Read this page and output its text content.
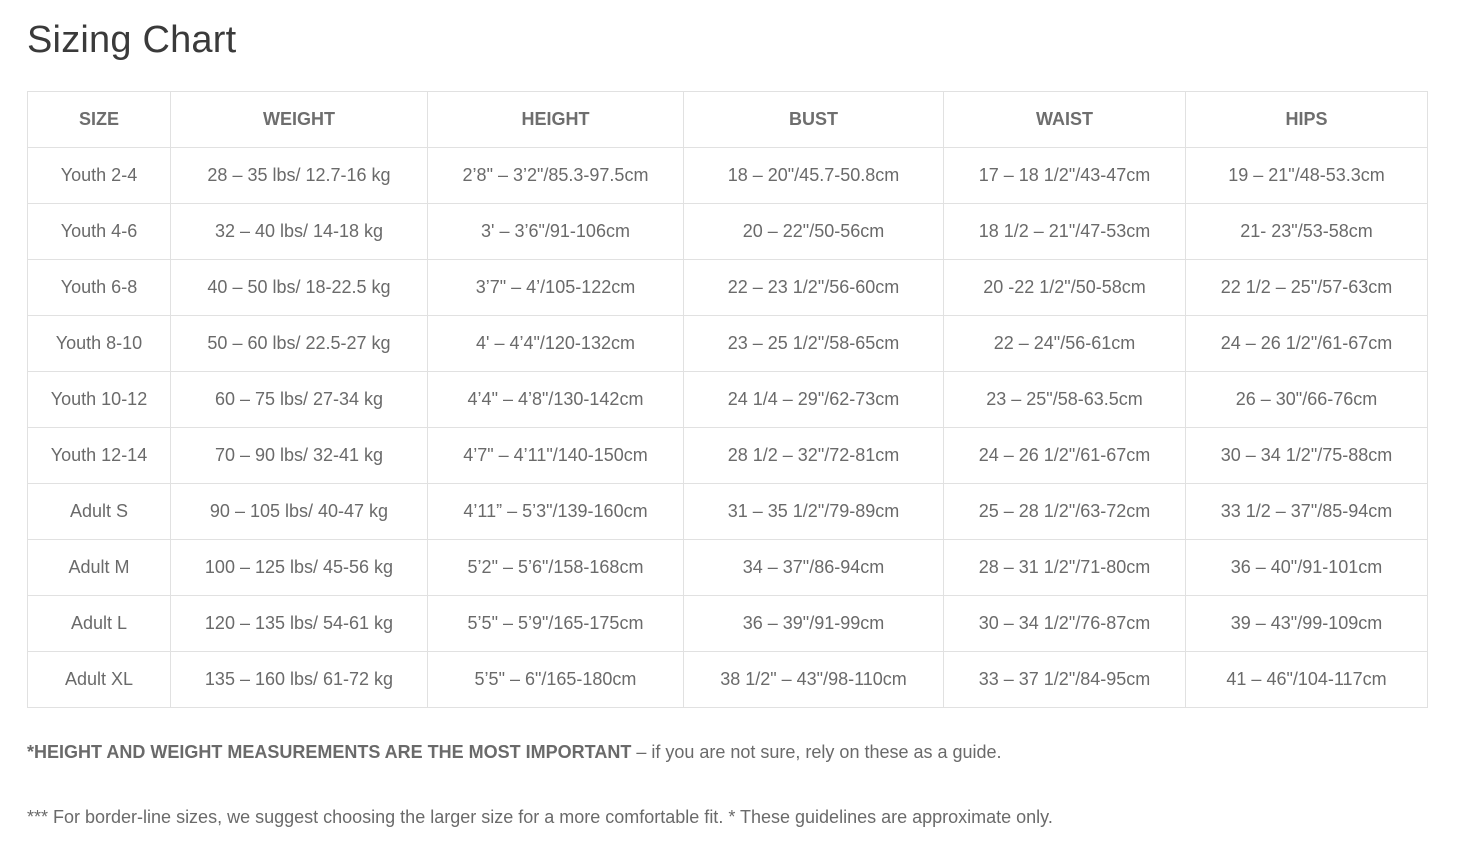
Sizing Chart
SIZE	WEIGHT	HEIGHT	BUST	WAIST	HIPS
Youth 2-4	28 – 35 lbs/ 12.7-16 kg	2’8" – 3’2"/85.3-97.5cm	18 – 20"/45.7-50.8cm	17 – 18 1/2"/43-47cm	19 – 21"/48-53.3cm
Youth 4-6	32 – 40 lbs/ 14-18 kg	3' – 3’6"/91-106cm	20 – 22"/50-56cm	18 1/2 – 21"/47-53cm	21- 23"/53-58cm
Youth 6-8	40 – 50 lbs/ 18-22.5 kg	3’7" – 4’/105-122cm	22 – 23 1/2"/56-60cm	20 -22 1/2"/50-58cm	22 1/2 – 25"/57-63cm
Youth 8-10	50 – 60 lbs/ 22.5-27 kg	4' – 4’4"/120-132cm	23 – 25 1/2"/58-65cm	22 – 24"/56-61cm	24 – 26 1/2"/61-67cm
Youth 10-12	60 – 75 lbs/ 27-34 kg	4’4" – 4’8"/130-142cm	24 1/4 – 29"/62-73cm	23 – 25"/58-63.5cm	26 – 30"/66-76cm
Youth 12-14	70 – 90 lbs/ 32-41 kg	4’7" – 4’11"/140-150cm	28 1/2 – 32"/72-81cm	24 – 26 1/2"/61-67cm	30 – 34 1/2"/75-88cm
Adult S	90 – 105 lbs/ 40-47 kg	4’11” – 5’3"/139-160cm	31 – 35 1/2"/79-89cm	25 – 28 1/2"/63-72cm	33 1/2 – 37"/85-94cm
Adult M	100 – 125 lbs/ 45-56 kg	5’2" – 5’6"/158-168cm	34 – 37"/86-94cm	28 – 31 1/2"/71-80cm	36 – 40"/91-101cm
Adult L	120 – 135 lbs/ 54-61 kg	5’5" – 5’9"/165-175cm	36 – 39"/91-99cm	30 – 34 1/2"/76-87cm	39 – 43"/99-109cm
Adult XL	135 – 160 lbs/ 61-72 kg	5’5" – 6"/165-180cm	38 1/2" – 43"/98-110cm	33 – 37 1/2"/84-95cm	41 – 46"/104-117cm

*HEIGHT AND WEIGHT MEASUREMENTS ARE THE MOST IMPORTANT – if you are not sure, rely on these as a guide.

*** For border-line sizes, we suggest choosing the larger size for a more comfortable fit. * These guidelines are approximate only.
